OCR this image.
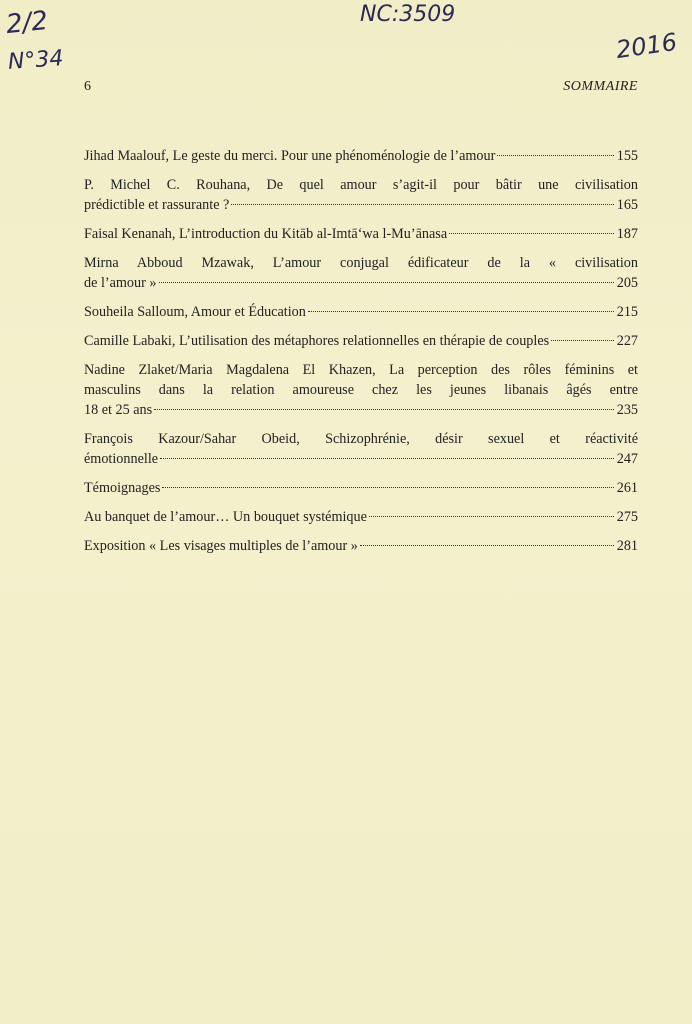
2/2
N°34
NC:3509
2016
6	SOMMAIRE
Jihad Maalouf, Le geste du merci. Pour une phénoménologie de l’amour	155
P. Michel C. Rouhana, De quel amour s’agit-il pour bâtir une civilisation
prédictible et rassurante ?	165
Faisal Kenanah, L’introduction du Kitāb al-Imtā‘wa l-Mu’ānasa	187
Mirna Abboud Mzawak, L’amour conjugal édificateur de la « civilisation
de l’amour »	205
Souheila Salloum, Amour et Éducation	215
Camille Labaki, L’utilisation des métaphores relationnelles en thérapie de couples	227
Nadine Zlaket/Maria Magdalena El Khazen, La perception des rôles féminins et
masculins dans la relation amoureuse chez les jeunes libanais âgés entre
18 et 25 ans	235
François Kazour/Sahar Obeid, Schizophrénie, désir sexuel et réactivité
émotionnelle	247
Témoignages	261
Au banquet de l’amour… Un bouquet systémique	275
Exposition « Les visages multiples de l’amour »	281
